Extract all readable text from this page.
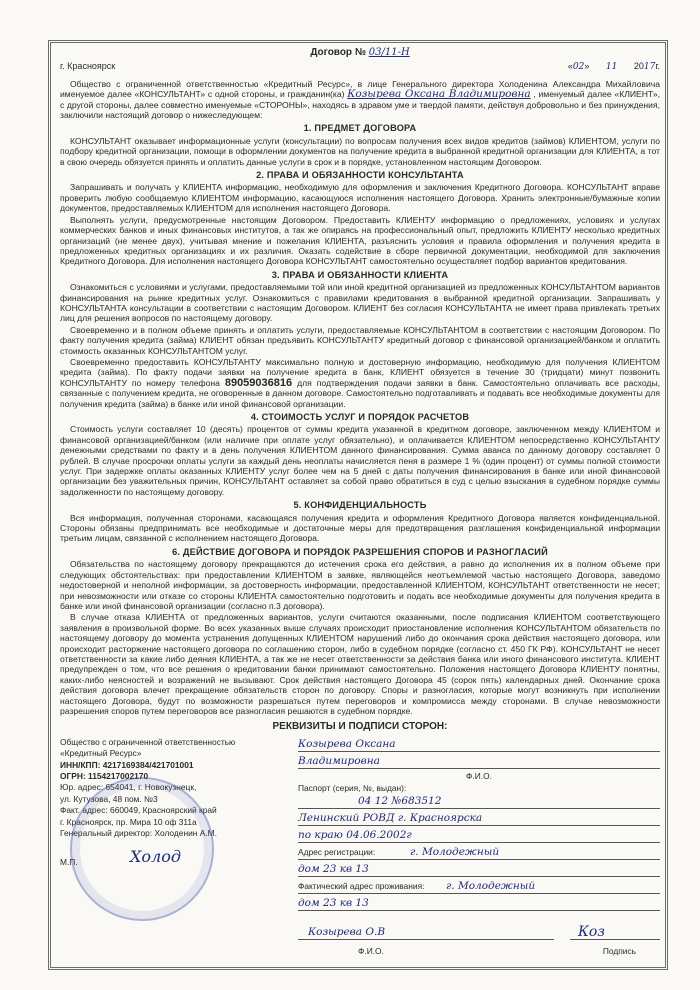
Договор № 03/11-Н
г. Красноярск	«02» 11 2017г.

Общество с ограниченной ответственностью «Кредитный Ресурс», в лице Генерального директора Холоденина Александра Михайловича именуемое далее «КОНСУЛЬТАНТ» с одной стороны, и гражданин(ка) Козырева Оксана Владимировна , именуемый далее «КЛИЕНТ», с другой стороны, далее совместно именуемые «СТОРОНЫ», находясь в здравом уме и твердой памяти, действуя добровольно и без принуждения, заключили настоящий договор о нижеследующем:

1. ПРЕДМЕТ ДОГОВОРА

КОНСУЛЬТАНТ оказывает информационные услуги (консультации) по вопросам получения всех видов кредитов (займов) КЛИЕНТОМ, услуги по подбору кредитной организации, помощи в оформлении документов на получение кредита в выбранной кредитной организации для КЛИЕНТА, а тот в свою очередь обязуется принять и оплатить данные услуги в срок и в порядке, установленном настоящим Договором.

2. ПРАВА И ОБЯЗАННОСТИ КОНСУЛЬТАНТА

Запрашивать и получать у КЛИЕНТА информацию, необходимую для оформления и заключения Кредитного Договора. КОНСУЛЬТАНТ вправе проверить любую сообщаемую КЛИЕНТОМ информацию, касающуюся исполнения настоящего Договора. Хранить электронные/бумажные копии документов, предоставляемых КЛИЕНТОМ для исполнения настоящего Договора.

Выполнять услуги, предусмотренные настоящим Договором. Предоставить КЛИЕНТУ информацию о предложениях, условиях и услугах коммерческих банков и иных финансовых институтов, а так же опираясь на профессиональный опыт, предложить КЛИЕНТУ несколько кредитных организаций (не менее двух), учитывая мнение и пожелания КЛИЕНТА, разъяснить условия и правила оформления и получения кредита в предложенных кредитных организациях и их различия. Оказать содействие в сборе первичной документации, необходимой для заключения Кредитного Договора. Для исполнения настоящего Договора КОНСУЛЬТАНТ самостоятельно осуществляет подбор вариантов кредитования.

3. ПРАВА И ОБЯЗАННОСТИ КЛИЕНТА

Ознакомиться с условиями и услугами, предоставляемыми той или иной кредитной организацией из предложенных КОНСУЛЬТАНТОМ вариантов финансирования на рынке кредитных услуг. Ознакомиться с правилами кредитования в выбранной кредитной организации. Запрашивать у КОНСУЛЬТАНТА консультации в соответствии с настоящим Договором. КЛИЕНТ без согласия КОНСУЛЬТАНТА не имеет права привлекать третьих лиц для решения вопросов по настоящему договору.

Своевременно и в полном объеме принять и оплатить услуги, предоставляемые КОНСУЛЬТАНТОМ в соответствии с настоящим Договором. По факту получения кредита (займа) КЛИЕНТ обязан предъявить КОНСУЛЬТАНТУ кредитный договор с финансовой организацией/банком и оплатить стоимость оказанных КОНСУЛЬТАНТОМ услуг.

Своевременно предоставить КОНСУЛЬТАНТУ максимально полную и достоверную информацию, необходимую для получения КЛИЕНТОМ кредита (займа). По факту подачи заявки на получение кредита в банк, КЛИЕНТ обязуется в течение 30 (тридцати) минут позвонить КОНСУЛЬТАНТУ по номеру телефона 89059036816 для подтверждения подачи заявки в банк. Самостоятельно оплачивать все расходы, связанные с получением кредита, не оговоренные в данном договоре. Самостоятельно подготавливать и подавать все необходимые документы для получения кредита (займа) в банке или иной финансовой организации.

4. СТОИМОСТЬ УСЛУГ И ПОРЯДОК РАСЧЕТОВ

Стоимость услуги составляет 10 (десять) процентов от суммы кредита указанной в кредитном договоре, заключенном между КЛИЕНТОМ и финансовой организацией/банком (или наличие при оплате услуг обязательно), и оплачивается КЛИЕНТОМ непосредственно КОНСУЛЬТАНТУ денежными средствами по факту и в день получения КЛИЕНТОМ данного финансирования. Сумма аванса по данному договору составляет 0 рублей. В случае просрочки оплаты услуги за каждый день неоплаты начисляется пеня в размере 1 % (один процент) от суммы полной стоимости услуг. При задержке оплаты оказанных КЛИЕНТУ услуг более чем на 5 дней с даты получения финансирования в банке или иной финансовой организации без уважительных причин, КОНСУЛЬТАНТ оставляет за собой право обратиться в суд с целью взыскания в судебном порядке суммы задолженности по настоящему договору.

5. КОНФИДЕНЦИАЛЬНОСТЬ

Вся информация, полученная сторонами, касающаяся получения кредита и оформления Кредитного Договора является конфиденциальной. Стороны обязаны предпринимать все необходимые и достаточные меры для предотвращения разглашения конфиденциальной информации третьим лицам, связанной с исполнением настоящего Договора.

6. ДЕЙСТВИЕ ДОГОВОРА И ПОРЯДОК РАЗРЕШЕНИЯ СПОРОВ И РАЗНОГЛАСИЙ

Обязательства по настоящему договору прекращаются до истечения срока его действия, а равно до исполнения их в полном объеме при следующих обстоятельствах: при предоставлении КЛИЕНТОМ в заявке, являющейся неотъемлемой частью настоящего Договора, заведомо недостоверной и неполной информации, за достоверность информации, предоставленной КЛИЕНТОМ, КОНСУЛЬТАНТ ответственности не несет; при невозможности или отказе со стороны КЛИЕНТА самостоятельно подготовить и подать все необходимые документы для получения кредита в банке или иной финансовой организации (согласно п.3 договора).

В случае отказа КЛИЕНТА от предложенных вариантов, услуги считаются оказанными, после подписания КЛИЕНТОМ соответствующего заявления в произвольной форме. Во всех указанных выше случаях происходит приостановление исполнения КОНСУЛЬТАНТОМ обязательств по настоящему договору до момента устранения допущенных КЛИЕНТОМ нарушений либо до окончания срока действия настоящего договора, или происходит расторжение настоящего договора по соглашению сторон, либо в судебном порядке (согласно ст. 450 ГК РФ). КОНСУЛЬТАНТ не несет ответственности за какие либо деяния КЛИЕНТА, а так же не несет ответственности за действия банка или иного финансового института. КЛИЕНТ предупрежден о том, что все решения о кредитовании банки принимают самостоятельно. Положения настоящего Договора КЛИЕНТУ понятны, каких-либо неясностей и возражений не вызывают. Срок действия настоящего Договора 45 (сорок пять) календарных дней. Окончание срока действия договора влечет прекращение обязательств сторон по договору. Споры и разногласия, которые могут возникнуть при исполнении настоящего Договора, будут по возможности разрешаться путем переговоров и компромисса между сторонами. В случае невозможности разрешения споров путем переговоров все разногласия решаются в судебном порядке.

РЕКВИЗИТЫ И ПОДПИСИ СТОРОН:
Общество с ограниченной ответственностью
«Кредитный Ресурс»
ИНН/КПП: 4217169384/421701001
ОГРН: 1154217002170
Юр. адрес: 654041, г. Новокузнецк,
ул. Кутузова, 48 пом. №3
Факт. адрес: 660049, Красноярский край
г. Красноярск, пр. Мира 10 оф 311а
Генеральный директор: Холоденин А.М.
М.П.	Холод
Козырева Оксана
Владимировна
Ф.И.О.
Паспорт (серия, №, выдан):
04 12 №683512
Ленинский РОВД г. Красноярска
по краю 04.06.2002г
Адрес регистрации:	г. Молодежный
дом 23 кв 13
Фактический адрес проживания: г. Молодежный
дом 23 кв 13
Козырева О.В	Коз
Ф.И.О.	Подпись
